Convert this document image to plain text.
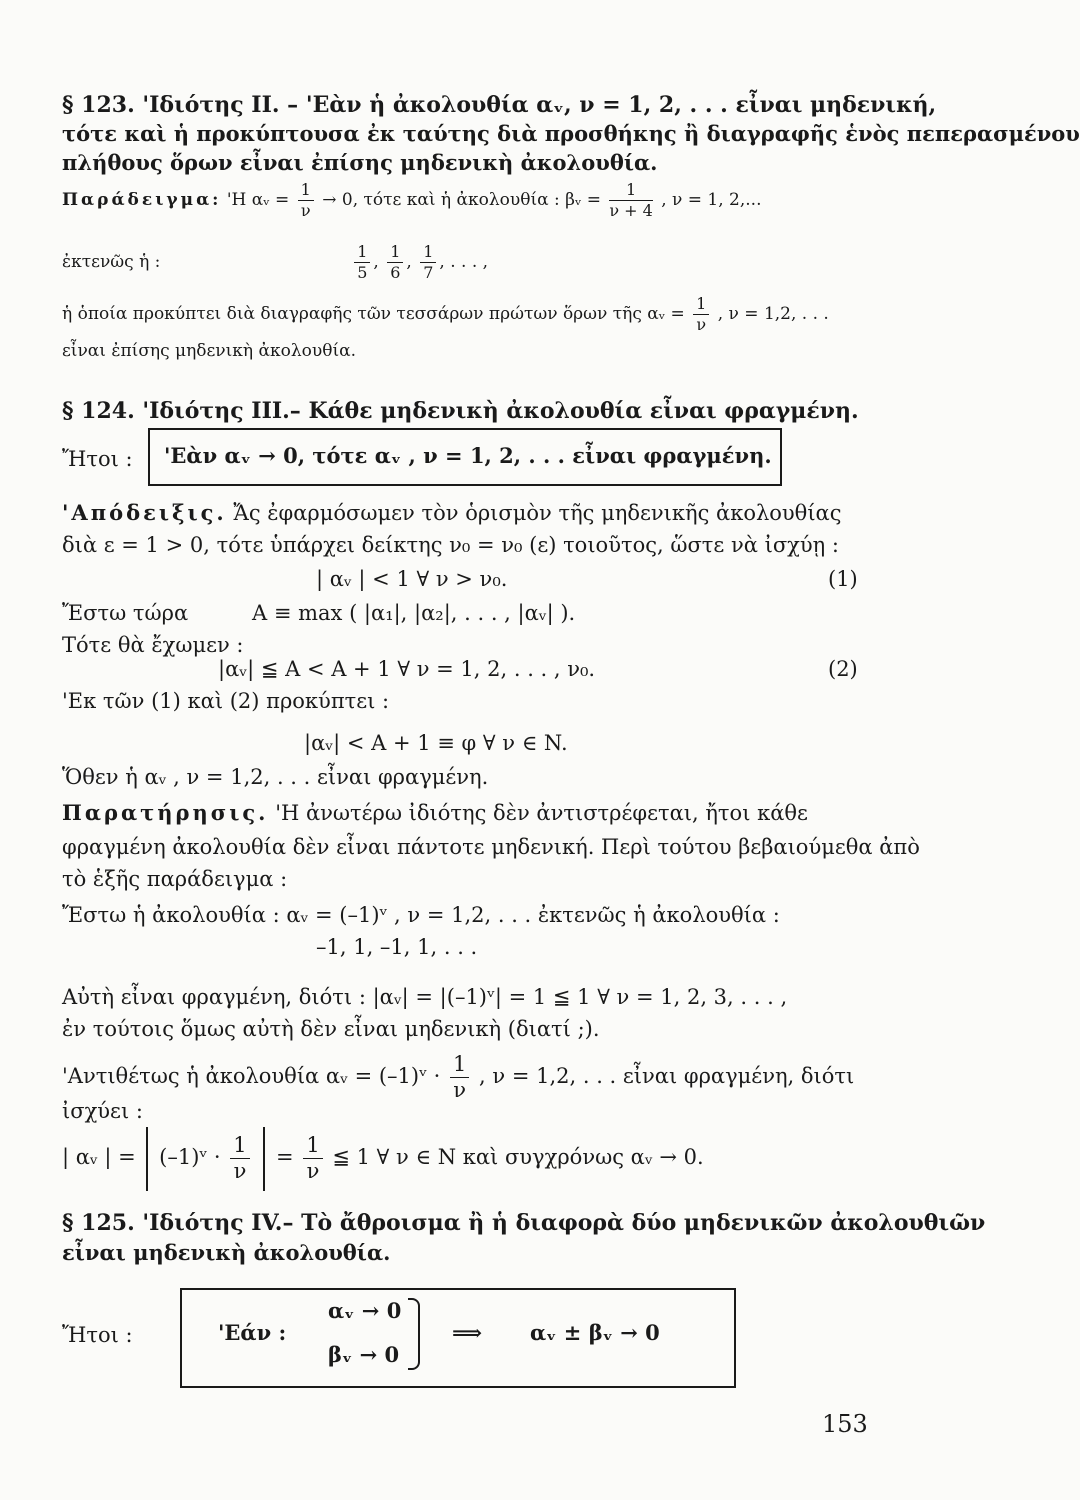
§ 123. 'Ιδιότης ΙΙ. – 'Εὰν ἡ ἀκολουθία αᵥ, ν = 1, 2, . . . εἶναι μηδενική,
τότε καὶ ἡ προκύπτουσα ἐκ ταύτης διὰ προσθήκης ἢ διαγραφῆς ἑνὸς πεπερασμένου
πλήθους ὅρων εἶναι ἐπίσης μηδενικὴ ἀκολουθία.
Παράδειγμα: 'Η αᵥ = $\frac{1}{\nu} \to 0$, τότε καὶ ἡ ἀκολουθία : βᵥ = $\frac{1}{\nu + 4}$ , ν = 1, 2,...
ἐκτενῶς ἡ :	$\frac{1}{5}$ , $\frac{1}{6}$ , $\frac{1}{7}$ , . . . ,
ἡ ὁποία προκύπτει διὰ διαγραφῆς τῶν τεσσάρων πρώτων ὅρων τῆς αᵥ = $\frac{1}{\nu}$ , ν = 1,2, . . .
εἶναι ἐπίσης μηδενικὴ ἀκολουθία.
§ 124. 'Ιδιότης ΙΙΙ.– Κάθε μηδενικὴ ἀκολουθία εἶναι φραγμένη.
Ἤτοι : 'Εὰν αᵥ → 0, τότε αᵥ , ν = 1, 2, . . . εἶναι φραγμένη.
'Απόδειξις. Ἄς ἐφαρμόσωμεν τὸν ὁρισμὸν τῆς μηδενικῆς ἀκολουθίας
διὰ ε = 1 > 0, τότε ὑπάρχει δείκτης ν₀ = ν₀ (ε) τοιοῦτος, ὥστε νὰ ἰσχύῃ :
| αᵥ | < 1 ∀ ν > ν₀.	(1)
Ἔστω τώρα	Α ≡ max ( |α₁|, |α₂|, . . . , |αᵥ| ).
Τότε θὰ ἔχωμεν :
|αᵥ| ≦ Α < Α + 1 ∀ ν = 1, 2, . . . , ν₀.	(2)
'Εκ τῶν (1) καὶ (2) προκύπτει :
|αᵥ| < Α + 1 ≡ φ ∀ ν ∈ N.
Ὅθεν ἡ αᵥ , ν = 1,2, . . . εἶναι φραγμένη.
Παρατήρησις. 'Η ἀνωτέρω ἰδιότης δὲν ἀντιστρέφεται, ἤτοι κάθε
φραγμένη ἀκολουθία δὲν εἶναι πάντοτε μηδενική. Περὶ τούτου βεβαιούμεθα ἀπὸ
τὸ ἑξῆς παράδειγμα :
Ἔστω ἡ ἀκολουθία : αᵥ = (–1)ᵛ , ν = 1,2, . . . ἐκτενῶς ἡ ἀκολουθία :
–1, 1, –1, 1, . . .
Αὐτὴ εἶναι φραγμένη, διότι : |αᵥ| = |(–1)ᵛ| = 1 ≦ 1 ∀ ν = 1, 2, 3, . . . ,
ἐν τούτοις ὅμως αὐτὴ δὲν εἶναι μηδενικὴ (διατί ;).
'Αντιθέτως ἡ ἀκολουθία αᵥ = (–1)ᵛ · $\frac{1}{\nu}$ , ν = 1,2, . . . εἶναι φραγμένη, διότι
ἰσχύει :
| αᵥ | = (–1)ᵛ · $\frac{1}{\nu} = \frac{1}{\nu}$ ≦ 1 ∀ ν ∈ N καὶ συγχρόνως αᵥ → 0.
§ 125. 'Ιδιότης ΙV.– Τὸ ἄθροισμα ἢ ἡ διαφορὰ δύο μηδενικῶν ἀκολουθιῶν
εἶναι μηδενικὴ ἀκολουθία.
Ἤτοι :	'Εάν :
αᵥ → 0
βᵥ → 0
⟹ αᵥ ± βᵥ → 0
153
